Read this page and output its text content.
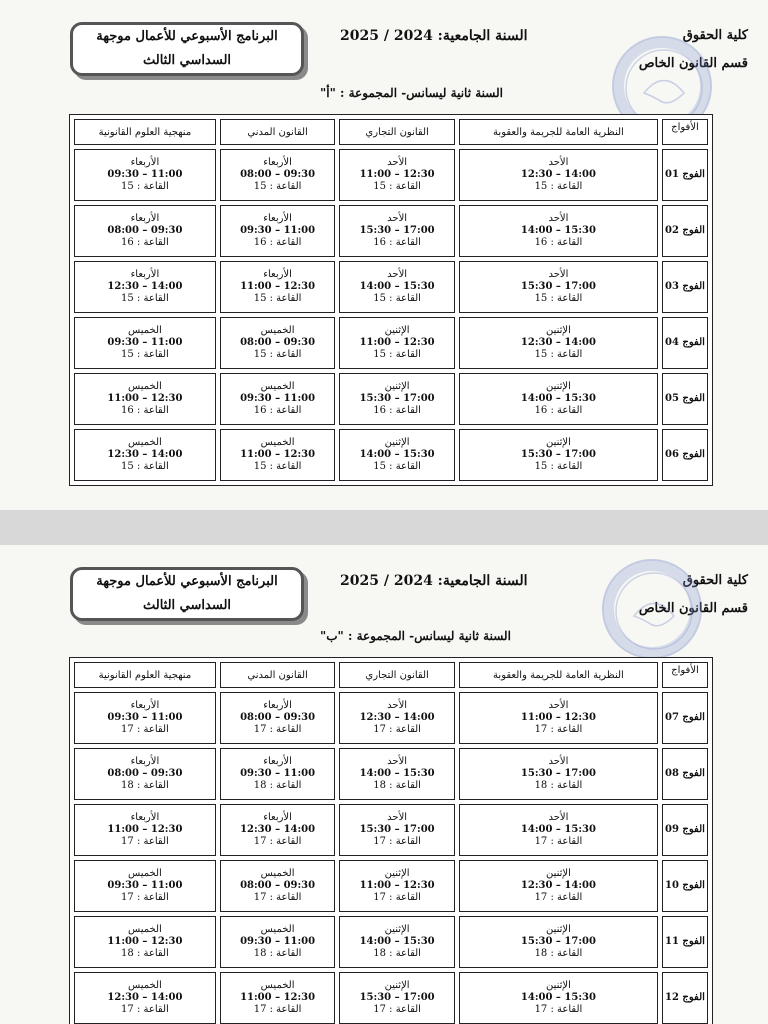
البرنامج الأسبوعي للأعمال موجهة
السداسي الثالث
السنة الجامعية: 2024 / 2025	كلية الحقوق
قسم القانون الخاص
السنة ثانية ليسانس- المجموعة : "أ"
الأفواج	النظرية العامة للجريمة والعقوبة	القانون التجاري	القانون المدني	منهجية العلوم القانونية
الفوج 01	الأحد
12:30 – 14:00
القاعة : 15	الأحد
11:00 – 12:30
القاعة : 15	الأربعاء
08:00 – 09:30
القاعة : 15	الأربعاء
09:30 – 11:00
القاعة : 15

الفوج 02	الأحد
14:00 – 15:30
القاعة : 16	الأحد
15:30 – 17:00
القاعة : 16	الأربعاء
09:30 – 11:00
القاعة : 16	الأربعاء
08:00 – 09:30
القاعة : 16

الفوج 03	الأحد
15:30 – 17:00
القاعة : 15	الأحد
14:00 – 15:30
القاعة : 15	الأربعاء
11:00 – 12:30
القاعة : 15	الأربعاء
12:30 – 14:00
القاعة : 15

الفوج 04	الإثنين
12:30 – 14:00
القاعة : 15	الإثنين
11:00 – 12:30
القاعة : 15	الخميس
08:00 – 09:30
القاعة : 15	الخميس
09:30 – 11:00
القاعة : 15

الفوج 05	الإثنين
14:00 – 15:30
القاعة : 16	الإثنين
15:30 – 17:00
القاعة : 16	الخميس
09:30 – 11:00
القاعة : 16	الخميس
11:00 – 12:30
القاعة : 16

الفوج 06	الإثنين
15:30 – 17:00
القاعة : 15	الإثنين
14:00 – 15:30
القاعة : 15	الخميس
11:00 – 12:30
القاعة : 15	الخميس
12:30 – 14:00
القاعة : 15
البرنامج الأسبوعي للأعمال موجهة
السداسي الثالث
السنة الجامعية: 2024 / 2025	كلية الحقوق
قسم القانون الخاص
السنة ثانية ليسانس- المجموعة : "ب"
الأفواج	النظرية العامة للجريمة والعقوبة	القانون التجاري	القانون المدني	منهجية العلوم القانونية
الفوج 07	الأحد
11:00 – 12:30
القاعة : 17	الأحد
12:30 – 14:00
القاعة : 17	الأربعاء
08:00 – 09:30
القاعة : 17	الأربعاء
09:30 – 11:00
القاعة : 17

الفوج 08	الأحد
15:30 – 17:00
القاعة : 18	الأحد
14:00 – 15:30
القاعة : 18	الأربعاء
09:30 – 11:00
القاعة : 18	الأربعاء
08:00 – 09:30
القاعة : 18

الفوج 09	الأحد
14:00 – 15:30
القاعة : 17	الأحد
15:30 – 17:00
القاعة : 17	الأربعاء
12:30 – 14:00
القاعة : 17	الأربعاء
11:00 – 12:30
القاعة : 17

الفوج 10	الإثنين
12:30 – 14:00
القاعة : 17	الإثنين
11:00 – 12:30
القاعة : 17	الخميس
08:00 – 09:30
القاعة : 17	الخميس
09:30 – 11:00
القاعة : 17

الفوج 11	الإثنين
15:30 – 17:00
القاعة : 18	الإثنين
14:00 – 15:30
القاعة : 18	الخميس
09:30 – 11:00
القاعة : 18	الخميس
11:00 – 12:30
القاعة : 18

الفوج 12	الإثنين
14:00 – 15:30
القاعة : 17	الإثنين
15:30 – 17:00
القاعة : 17	الخميس
11:00 – 12:30
القاعة : 17	الخميس
12:30 – 14:00
القاعة : 17
